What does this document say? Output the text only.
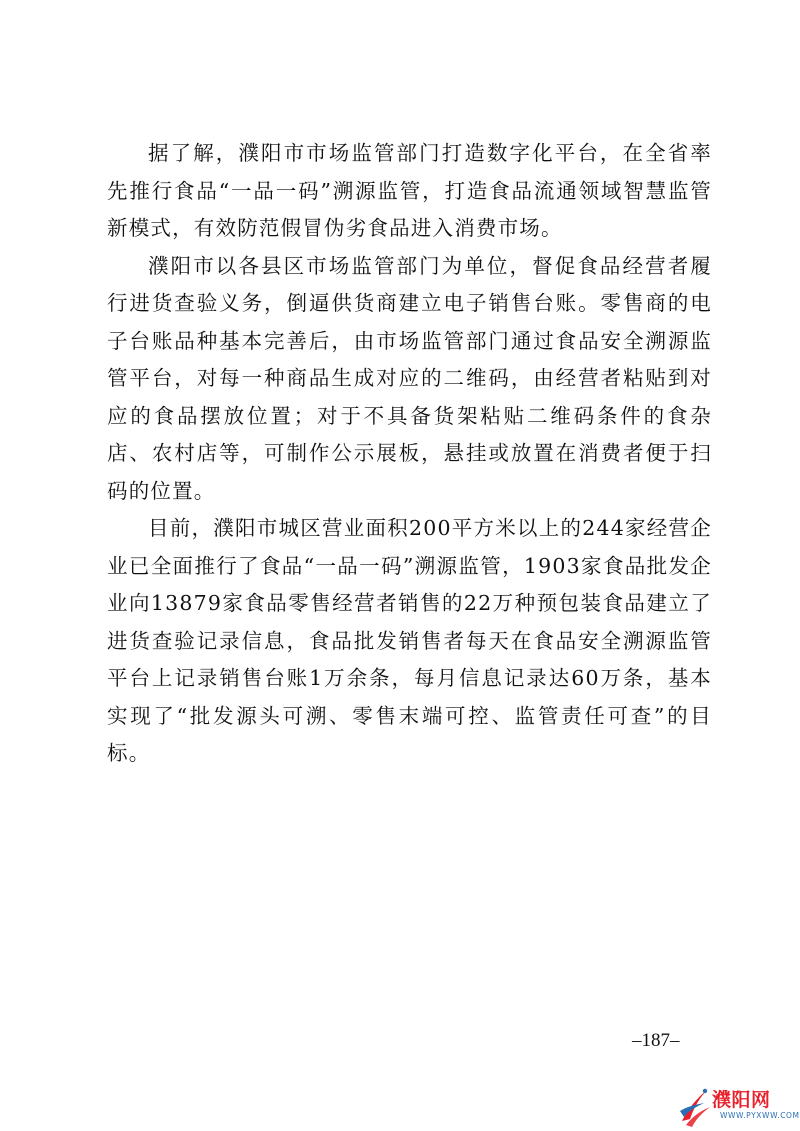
据了解，濮阳市市场监管部门打造数字化平台，在全省率先推行食品“一品一码”溯源监管，打造食品流通领域智慧监管新模式，有效防范假冒伪劣食品进入消费市场。

濮阳市以各县区市场监管部门为单位，督促食品经营者履行进货查验义务，倒逼供货商建立电子销售台账。零售商的电子台账品种基本完善后，由市场监管部门通过食品安全溯源监管平台，对每一种商品生成对应的二维码，由经营者粘贴到对应的食品摆放位置；对于不具备货架粘贴二维码条件的食杂店、农村店等，可制作公示展板，悬挂或放置在消费者便于扫码的位置。

目前，濮阳市城区营业面积200平方米以上的244家经营企业已全面推行了食品“一品一码”溯源监管，1903家食品批发企业向13879家食品零售经营者销售的22万种预包装食品建立了进货查验记录信息，食品批发销售者每天在食品安全溯源监管平台上记录销售台账1万余条，每月信息记录达60万条，基本实现了“批发源头可溯、零售末端可控、监管责任可查”的目标。

–187–
濮阳网
WWW.PYXWW.COM
